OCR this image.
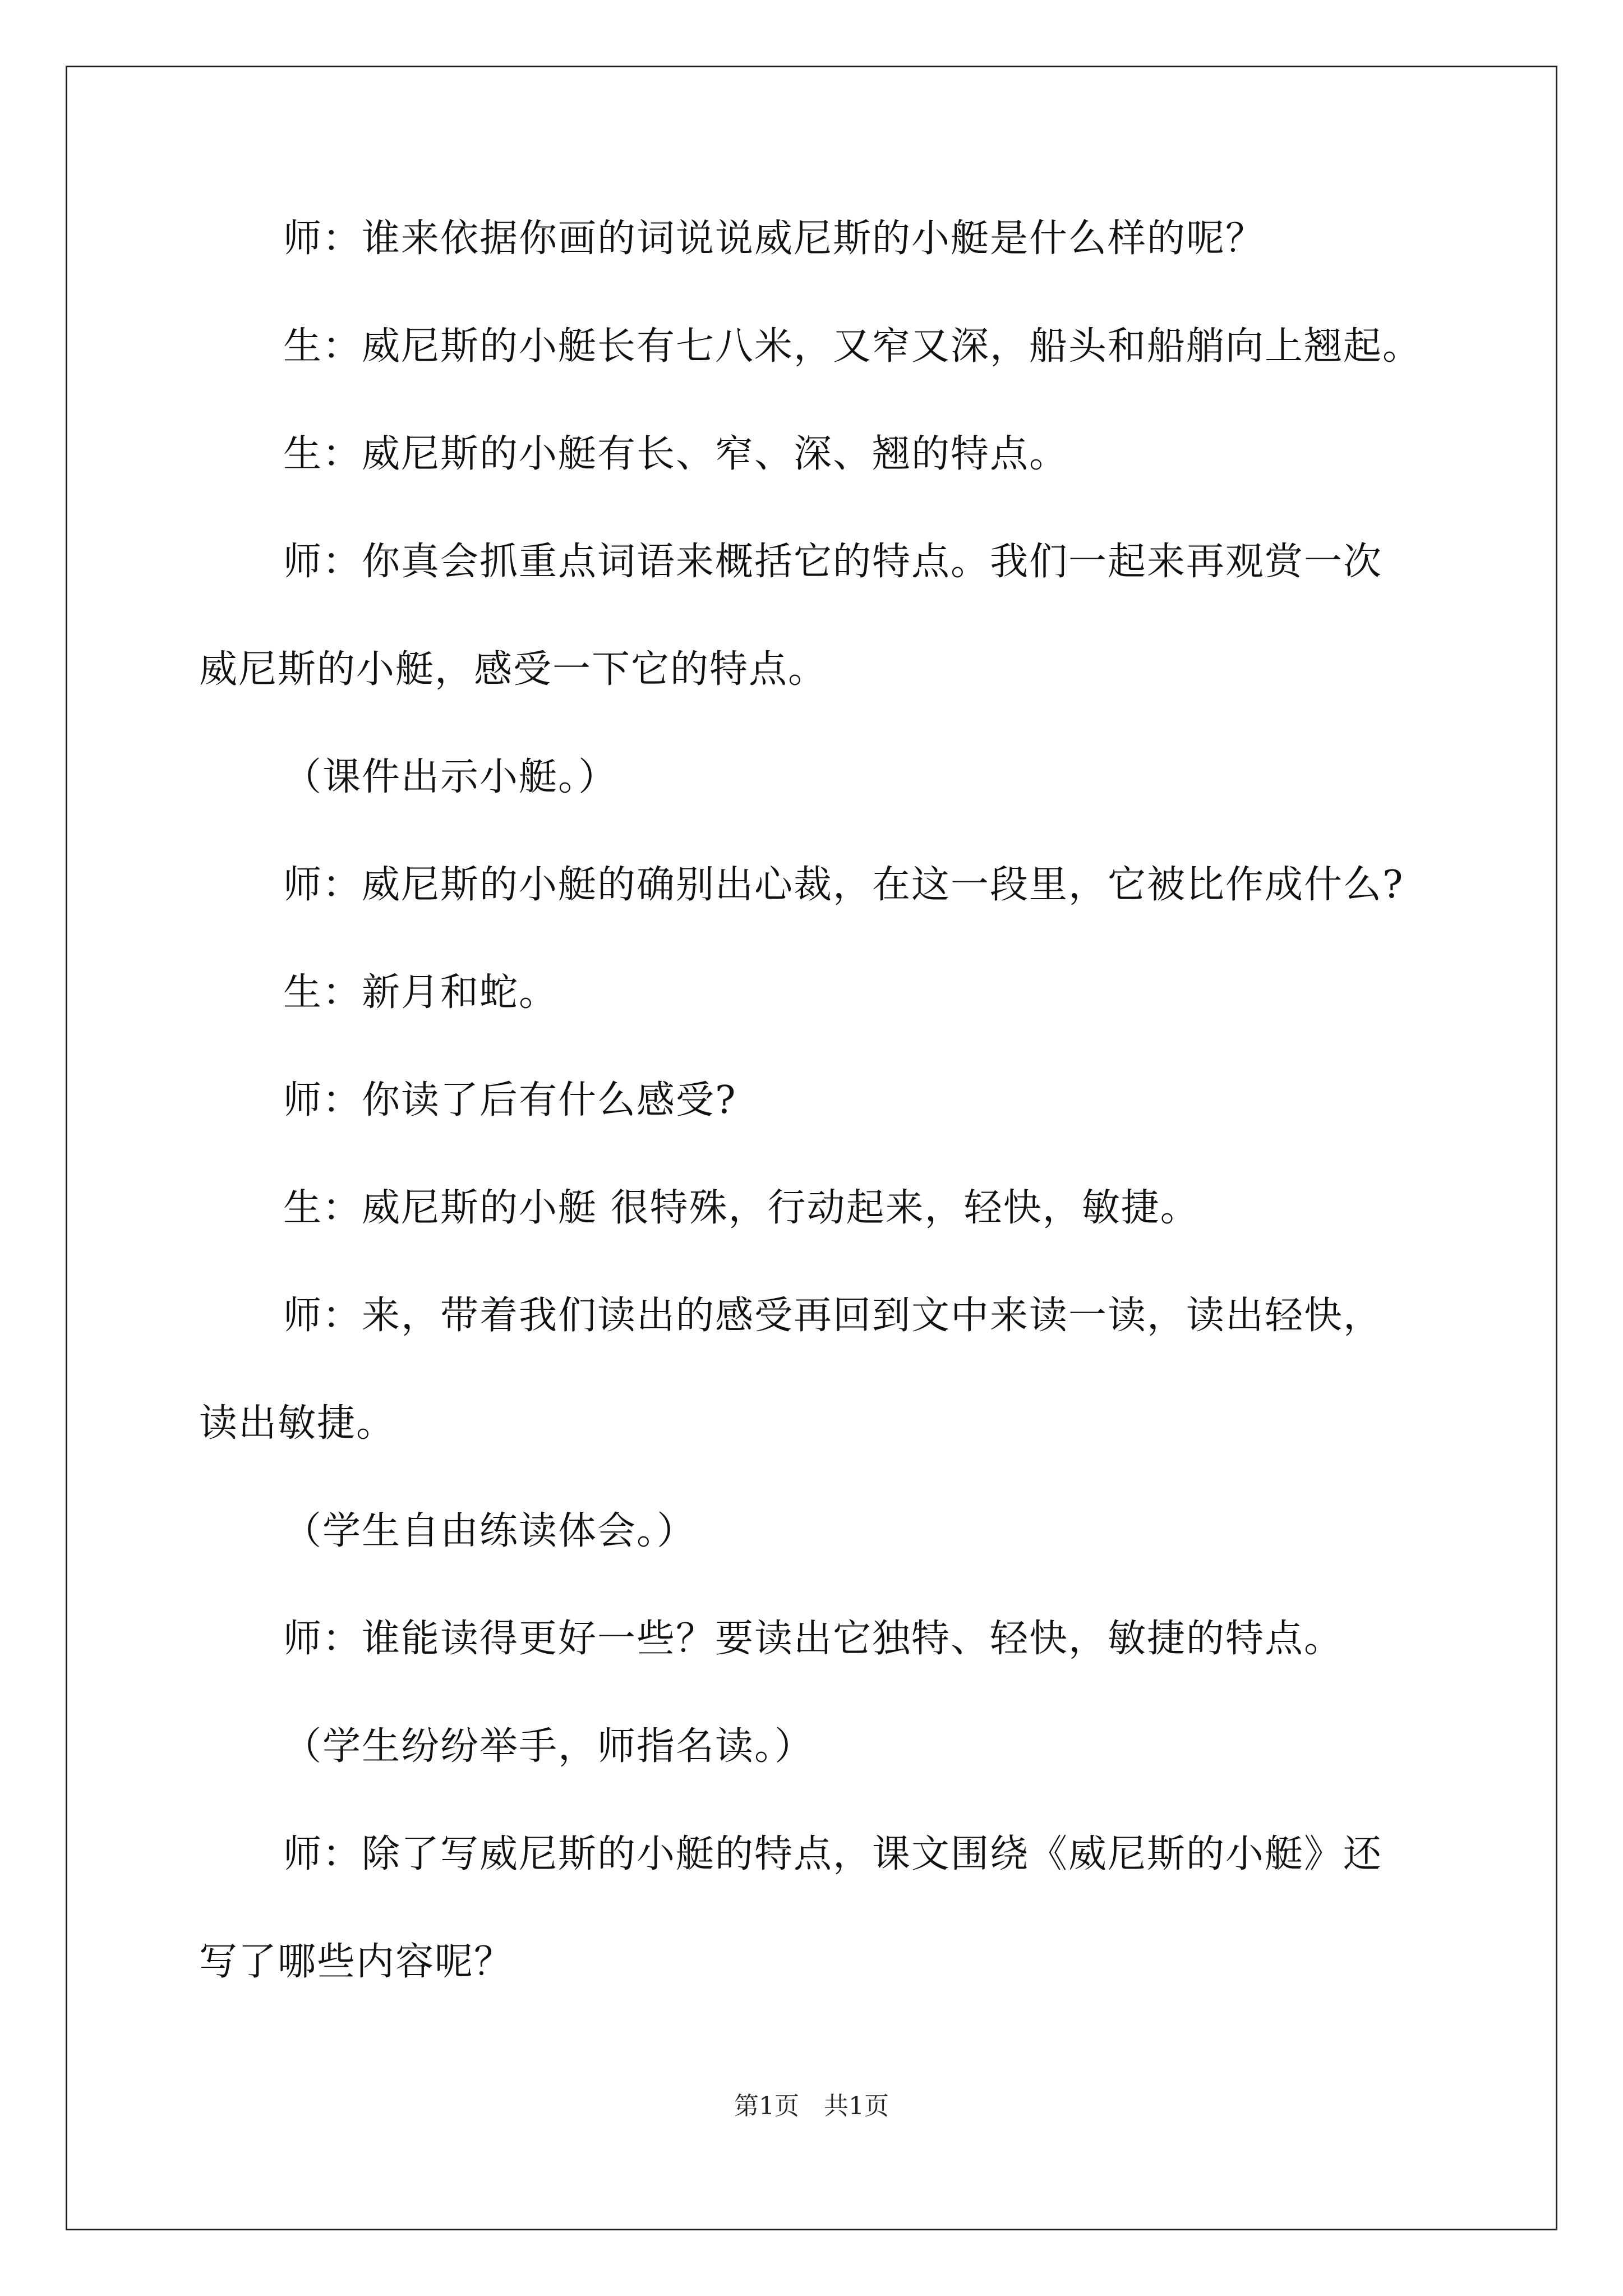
师：谁来依据你画的词说说威尼斯的小艇是什么样的呢？

生：威尼斯的小艇长有七八米，又窄又深，船头和船艄向上翘起。

生：威尼斯的小艇有长、窄、深、翘的特点。

师：你真会抓重点词语来概括它的特点。我们一起来再观赏一次

威尼斯的小艇，感受一下它的特点。

（课件出示小艇。）

师：威尼斯的小艇的确别出心裁，在这一段里，它被比作成什么?

生：新月和蛇。

师：你读了后有什么感受?

生：威尼斯的小艇 很特殊，行动起来，轻快，敏捷。

师：来，带着我们读出的感受再回到文中来读一读，读出轻快，

读出敏捷。

（学生自由练读体会。）

师：谁能读得更好一些？要读出它独特、轻快，敏捷的特点。

（学生纷纷举手，师指名读。）

师：除了写威尼斯的小艇的特点，课文围绕《威尼斯的小艇》还

写了哪些内容呢？

第1页　共1页
